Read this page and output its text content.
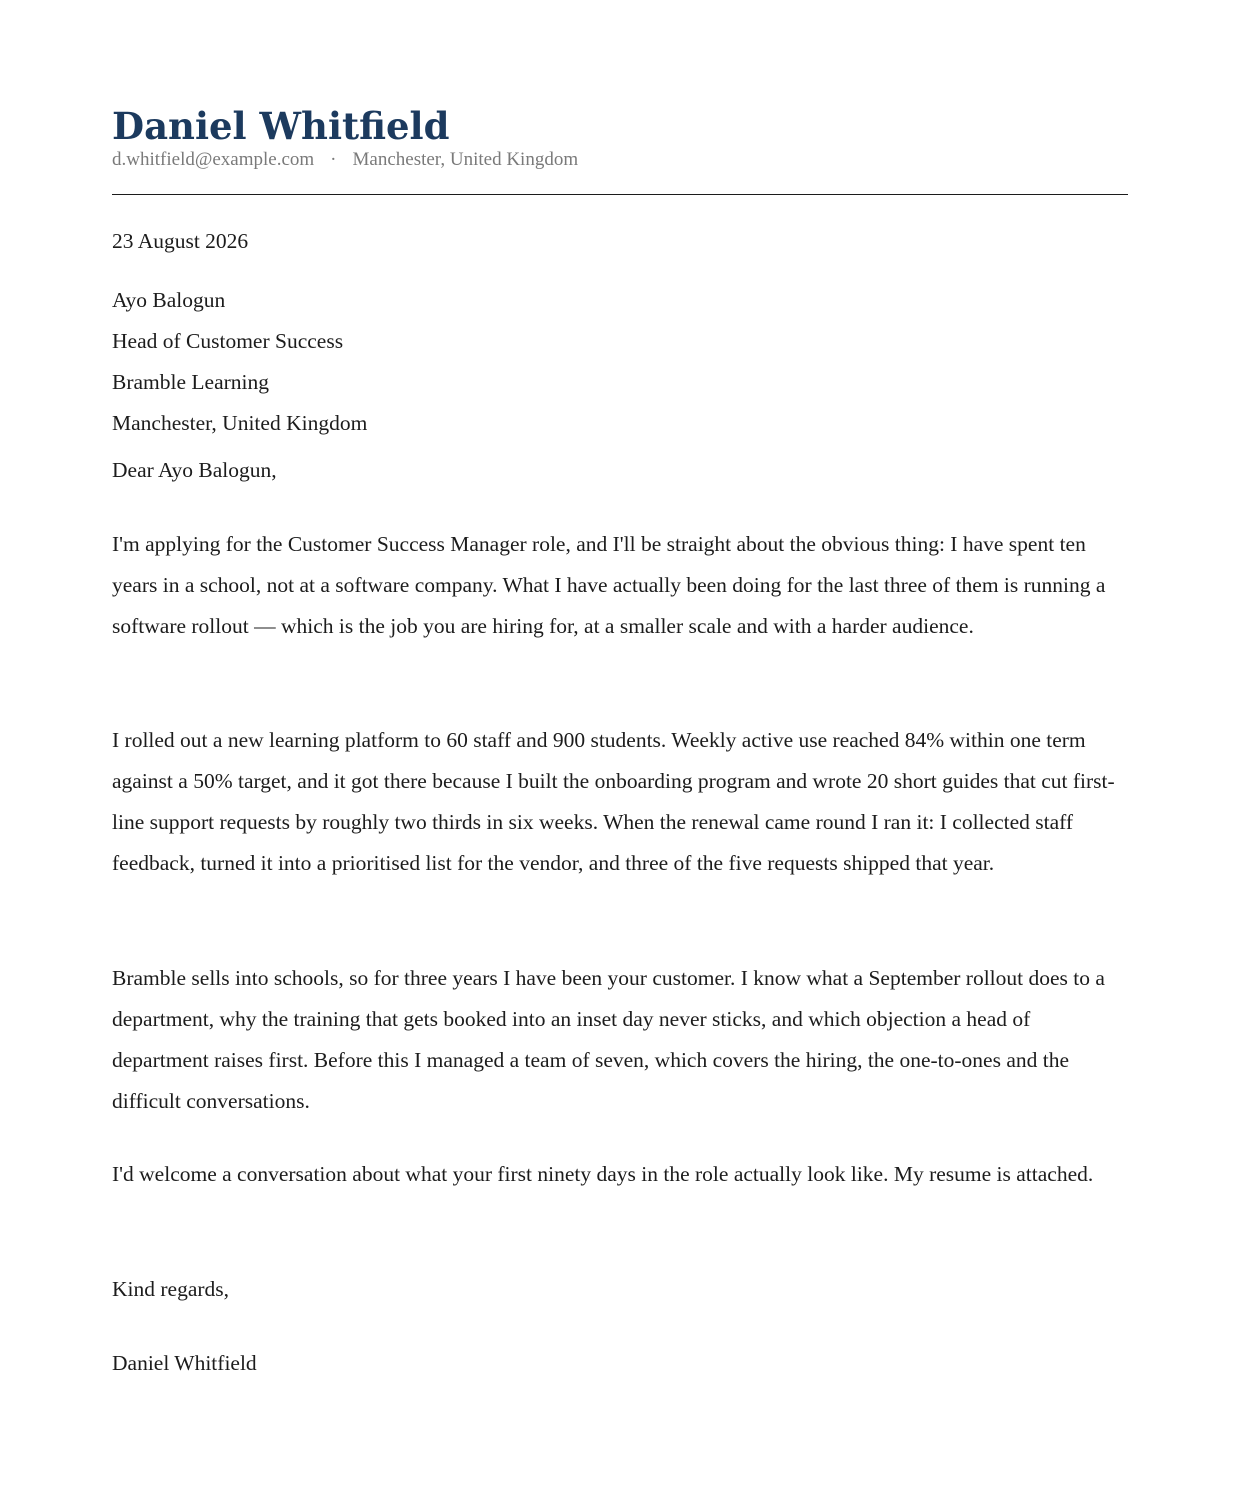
Daniel Whitfield
d.whitfield@example.com · Manchester, United Kingdom
23 August 2026
Ayo Balogun
Head of Customer Success
Bramble Learning
Manchester, United Kingdom
Dear Ayo Balogun,

I'm applying for the Customer Success Manager role, and I'll be straight about the obvious thing: I have spent ten years in a school, not at a software company. What I have actually been doing for the last three of them is running a software rollout — which is the job you are hiring for, at a smaller scale and with a harder audience.

I rolled out a new learning platform to 60 staff and 900 students. Weekly active use reached 84% within one term against a 50% target, and it got there because I built the onboarding program and wrote 20 short guides that cut first-line support requests by roughly two thirds in six weeks. When the renewal came round I ran it: I collected staff feedback, turned it into a prioritised list for the vendor, and three of the five requests shipped that year.

Bramble sells into schools, so for three years I have been your customer. I know what a September rollout does to a department, why the training that gets booked into an inset day never sticks, and which objection a head of department raises first. Before this I managed a team of seven, which covers the hiring, the one-to-ones and the difficult conversations.

I'd welcome a conversation about what your first ninety days in the role actually look like. My resume is attached.

Kind regards,
Daniel Whitfield
